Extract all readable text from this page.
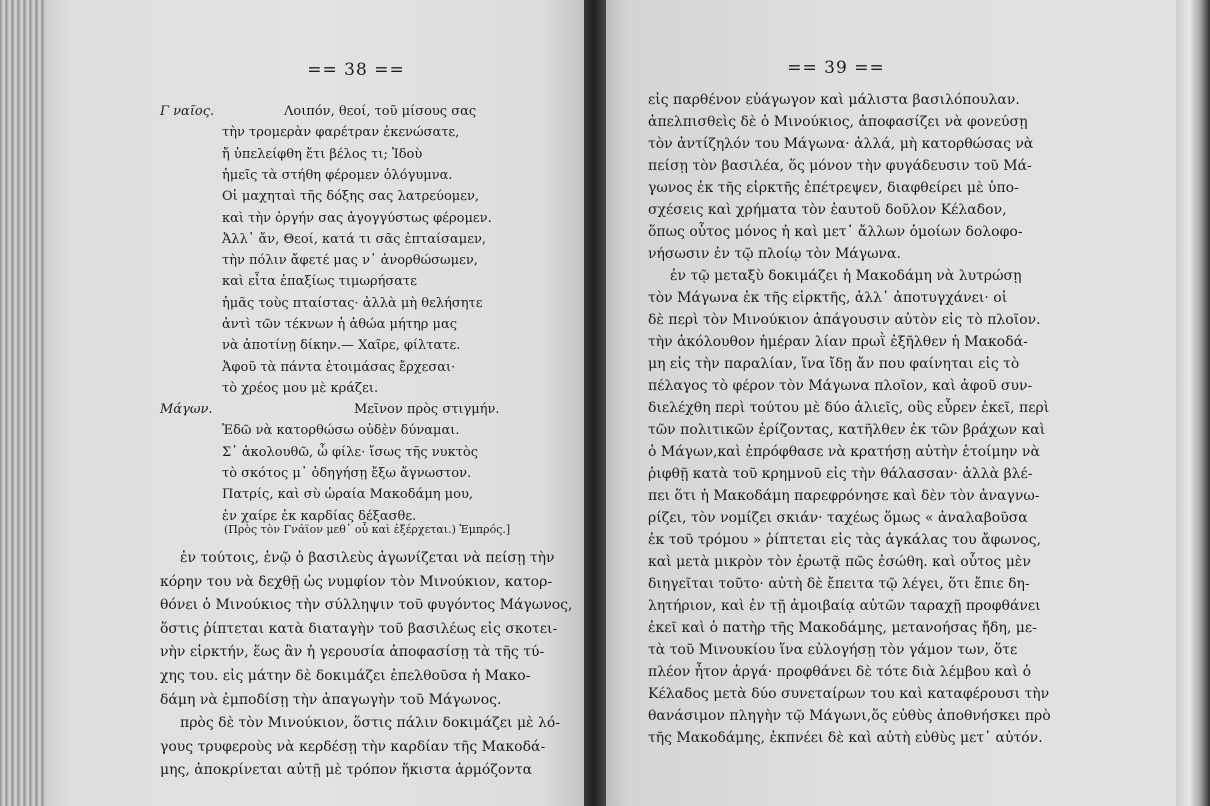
== 38 ==
Γ ναῖος.	Λοιπόν, θεοί, τοῦ μίσους σας
τὴν τρομερὰν φαρέτραν ἐκενώσατε,
ἤ ὑπελείφθη ἔτι βέλος τι; Ἰδοὺ
ἡμεῖς τὰ στήθη φέρομεν ὁλόγυμνα.
Οἱ μαχηταὶ τῆς δόξης σας λατρεύομεν,
καὶ τὴν ὀργήν σας ἀγογγύστως φέρομεν.
Ἀλλ᾽ ἄν, Θεοί, κατά τι σᾶς ἐπταίσαμεν,
τὴν πόλιν ἄφετέ μας ν᾽ ἀνορθώσωμεν,
καὶ εἶτα ἐπαξίως τιμωρήσατε
ἡμᾶς τοὺς πταίστας· ἀλλὰ μὴ θελήσητε
ἀντὶ τῶν τέκνων ἡ ἀθώα μήτηρ μας
νὰ ἀποτίνῃ δίκην.— Χαῖρε, φίλτατε.
Ἀφοῦ τὰ πάντα ἑτοιμάσας ἔρχεσαι·
τὸ χρέος μου μὲ κράζει.
Μάγων.	Μεῖνον πρὸς στιγμήν.
Ἐδῶ νὰ κατορθώσω οὐδὲν δύναμαι.
Σ᾽ ἀκολουθῶ, ὦ φίλε· ἴσως τῆς νυκτὸς
τὸ σκότος μ᾽ ὁδηγήσῃ ἔξω ἄγνωστον.
Πατρίς, καὶ σὺ ὡραία Μακοδάμη μου,
ἐν χαίρε ἐκ καρδίας δέξασθε.
(Πρὸς τὸν Γνάϊον μεθ᾽ οὗ καὶ ἐξέρχεται.) Ἐμπρός.]
ἐν τούτοις, ἐνῷ ὁ βασιλεὺς ἀγωνίζεται νὰ πείσῃ τὴν
κόρην του νὰ δεχθῇ ὡς νυμφίον τὸν Μινούκιον, κατορ-
θόνει ὁ Μινούκιος τὴν σύλληψιν τοῦ φυγόντος Μάγωνος,
ὅστις ῥίπτεται κατὰ διαταγὴν τοῦ βασιλέως εἰς σκοτει-
νὴν εἱρκτήν, ἕως ἂν ἡ γερουσία ἀποφασίσῃ τὰ τῆς τύ-
χης του. εἰς μάτην δὲ δοκιμάζει ἐπελθοῦσα ἡ Μακο-
δάμη νὰ ἐμποδίσῃ τὴν ἀπαγωγὴν τοῦ Μάγωνος.
πρὸς δὲ τὸν Μινούκιον, ὅστις πάλιν δοκιμάζει μὲ λό-
γους τρυφεροὺς νὰ κερδέσῃ τὴν καρδίαν τῆς Μακοδά-
μης, ἀποκρίνεται αὐτῇ μὲ τρόπον ἥκιστα ἁρμόζοντα
== 39 ==
εἰς παρθένον εὐάγωγον καὶ μάλιστα βασιλόπουλαν.
ἀπελπισθεὶς δὲ ὁ Μινούκιος, ἀποφασίζει νὰ φονεύσῃ
τὸν ἀντίζηλόν του Μάγωνα· ἀλλά, μὴ κατορθώσας νὰ
πείσῃ τὸν βασιλέα, ὅς μόνον τὴν φυγάδευσιν τοῦ Μά-
γωνος ἐκ τῆς εἱρκτῆς ἐπέτρεψεν, διαφθείρει μὲ ὑπο-
σχέσεις καὶ χρήματα τὸν ἑαυτοῦ δοῦλον Κέλαδον,
ὅπως οὗτος μόνος ἡ καὶ μετ᾽ ἄλλων ὁμοίων δολοφο-
νήσωσιν ἐν τῷ πλοίῳ τὸν Μάγωνα.
ἐν τῷ μεταξὺ δοκιμάζει ἡ Μακοδάμη νὰ λυτρώσῃ
τὸν Μάγωνα ἐκ τῆς εἱρκτῆς, ἀλλ᾽ ἀποτυγχάνει· οἱ
δὲ περὶ τὸν Μινούκιον ἀπάγουσιν αὐτὸν εἰς τὸ πλοῖον.
τὴν ἀκόλουθον ἡμέραν λίαν πρωῒ ἐξῆλθεν ἡ Μακοδά-
μη εἰς τὴν παραλίαν, ἵνα ἴδῃ ἄν που φαίνηται εἰς τὸ
πέλαγος τὸ φέρον τὸν Μάγωνα πλοῖον, καὶ ἀφοῦ συν-
διελέχθη περὶ τούτου μὲ δύο ἁλιεῖς, οὓς εὗρεν ἐκεῖ, περὶ
τῶν πολιτικῶν ἐρίζοντας, κατῆλθεν ἐκ τῶν βράχων καὶ
ὁ Μάγων,καὶ ἐπρόφθασε νὰ κρατήσῃ αὐτὴν ἑτοίμην νὰ
ῥιφθῇ κατὰ τοῦ κρημνοῦ εἰς τὴν θάλασσαν· ἀλλὰ βλέ-
πει ὅτι ἡ Μακοδάμη παρεφρόνησε καὶ δὲν τὸν ἀναγνω-
ρίζει, τὸν νομίζει σκιάν· ταχέως ὅμως « ἀναλαβοῦσα
ἐκ τοῦ τρόμου » ῥίπτεται εἰς τὰς ἀγκάλας του ἄφωνος,
καὶ μετὰ μικρὸν τὸν ἐρωτᾷ πῶς ἐσώθη. καὶ οὗτος μὲν
διηγεῖται τοῦτο· αὐτὴ δὲ ἔπειτα τῷ λέγει, ὅτι ἔπιε δη-
λητήριον, καὶ ἐν τῇ ἀμοιβαίᾳ αὐτῶν ταραχῇ προφθάνει
ἐκεῖ καὶ ὁ πατὴρ τῆς Μακοδάμης, μετανοήσας ἤδη, με-
τὰ τοῦ Μινουκίου ἵνα εὐλογήσῃ τὸν γάμον των, ὅτε
πλέον ἦτον ἀργά· προφθάνει δὲ τότε διὰ λέμβου καὶ ὁ
Κέλαδος μετὰ δύο συνεταίρων του καὶ καταφέρουσι τὴν
θανάσιμον πληγὴν τῷ Μάγωνι,ὅς εὐθὺς ἀποθνήσκει πρὸ
τῆς Μακοδάμης, ἐκπνέει δὲ καὶ αὐτὴ εὐθὺς μετ᾽ αὐτόν.
